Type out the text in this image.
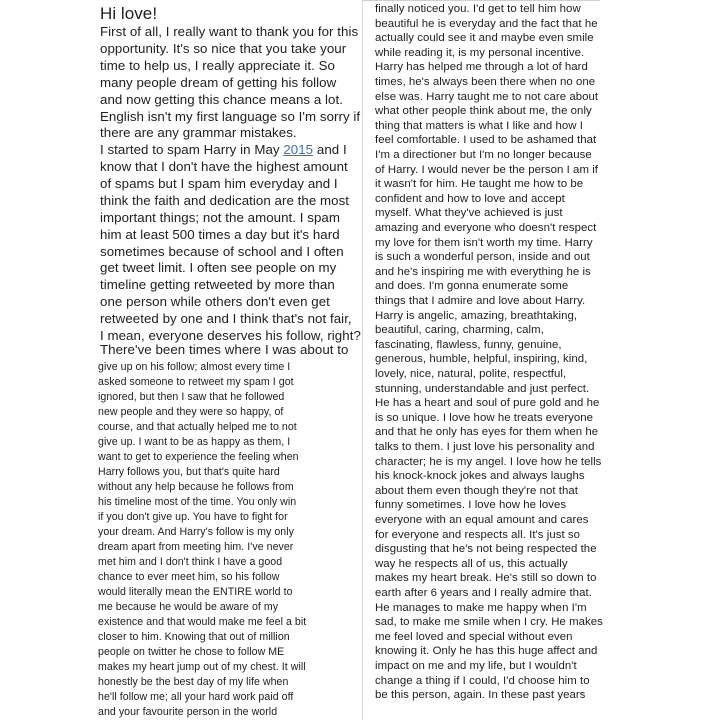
Hi love!
First of all, I really want to thank you for this
opportunity. It's so nice that you take your
time to help us, I really appreciate it. So
many people dream of getting his follow
and now getting this chance means a lot.
English isn't my first language so I'm sorry if
there are any grammar mistakes.
I started to spam Harry in May 2015 and I
know that I don't have the highest amount
of spams but I spam him everyday and I
think the faith and dedication are the most
important things; not the amount. I spam
him at least 500 times a day but it's hard
sometimes because of school and I often
get tweet limit. I often see people on my
timeline getting retweeted by more than
one person while others don't even get
retweeted by one and I think that's not fair,
I mean, everyone deserves his follow, right?
There've been times where I was about to
give up on his follow; almost every time I
asked someone to retweet my spam I got
ignored, but then I saw that he followed
new people and they were so happy, of
course, and that actually helped me to not
give up. I want to be as happy as them, I
want to get to experience the feeling when
Harry follows you, but that's quite hard
without any help because he follows from
his timeline most of the time. You only win
if you don't give up. You have to fight for
your dream. And Harry's follow is my only
dream apart from meeting him. I've never
met him and I don't think I have a good
chance to ever meet him, so his follow
would literally mean the ENTIRE world to
me because he would be aware of my
existence and that would make me feel a bit
closer to him. Knowing that out of million
people on twitter he chose to follow ME
makes my heart jump out of my chest. It will
honestly be the best day of my life when
he'll follow me; all your hard work paid off
and your favourite person in the world
finally noticed you. I'd get to tell him how
beautiful he is everyday and the fact that he
actually could see it and maybe even smile
while reading it, is my personal incentive.
Harry has helped me through a lot of hard
times, he's always been there when no one
else was. Harry taught me to not care about
what other people think about me, the only
thing that matters is what I like and how I
feel comfortable. I used to be ashamed that
I'm a directioner but I'm no longer because
of Harry. I would never be the person I am if
it wasn't for him. He taught me how to be
confident and how to love and accept
myself. What they've achieved is just
amazing and everyone who doesn't respect
my love for them isn't worth my time. Harry
is such a wonderful person, inside and out
and he's inspiring me with everything he is
and does. I'm gonna enumerate some
things that I admire and love about Harry.
Harry is angelic, amazing, breathtaking,
beautiful, caring, charming, calm,
fascinating, flawless, funny, genuine,
generous, humble, helpful, inspiring, kind,
lovely, nice, natural, polite, respectful,
stunning, understandable and just perfect.
He has a heart and soul of pure gold and he
is so unique. I love how he treats everyone
and that he only has eyes for them when he
talks to them. I just love his personality and
character; he is my angel. I love how he tells
his knock-knock jokes and always laughs
about them even though they're not that
funny sometimes. I love how he loves
everyone with an equal amount and cares
for everyone and respects all. It's just so
disgusting that he's not being respected the
way he respects all of us, this actually
makes my heart break. He's still so down to
earth after 6 years and I really admire that.
He manages to make me happy when I'm
sad, to make me smile when I cry. He makes
me feel loved and special without even
knowing it. Only he has this huge affect and
impact on me and my life, but I wouldn't
change a thing if I could, I'd choose him to
be this person, again. In these past years
